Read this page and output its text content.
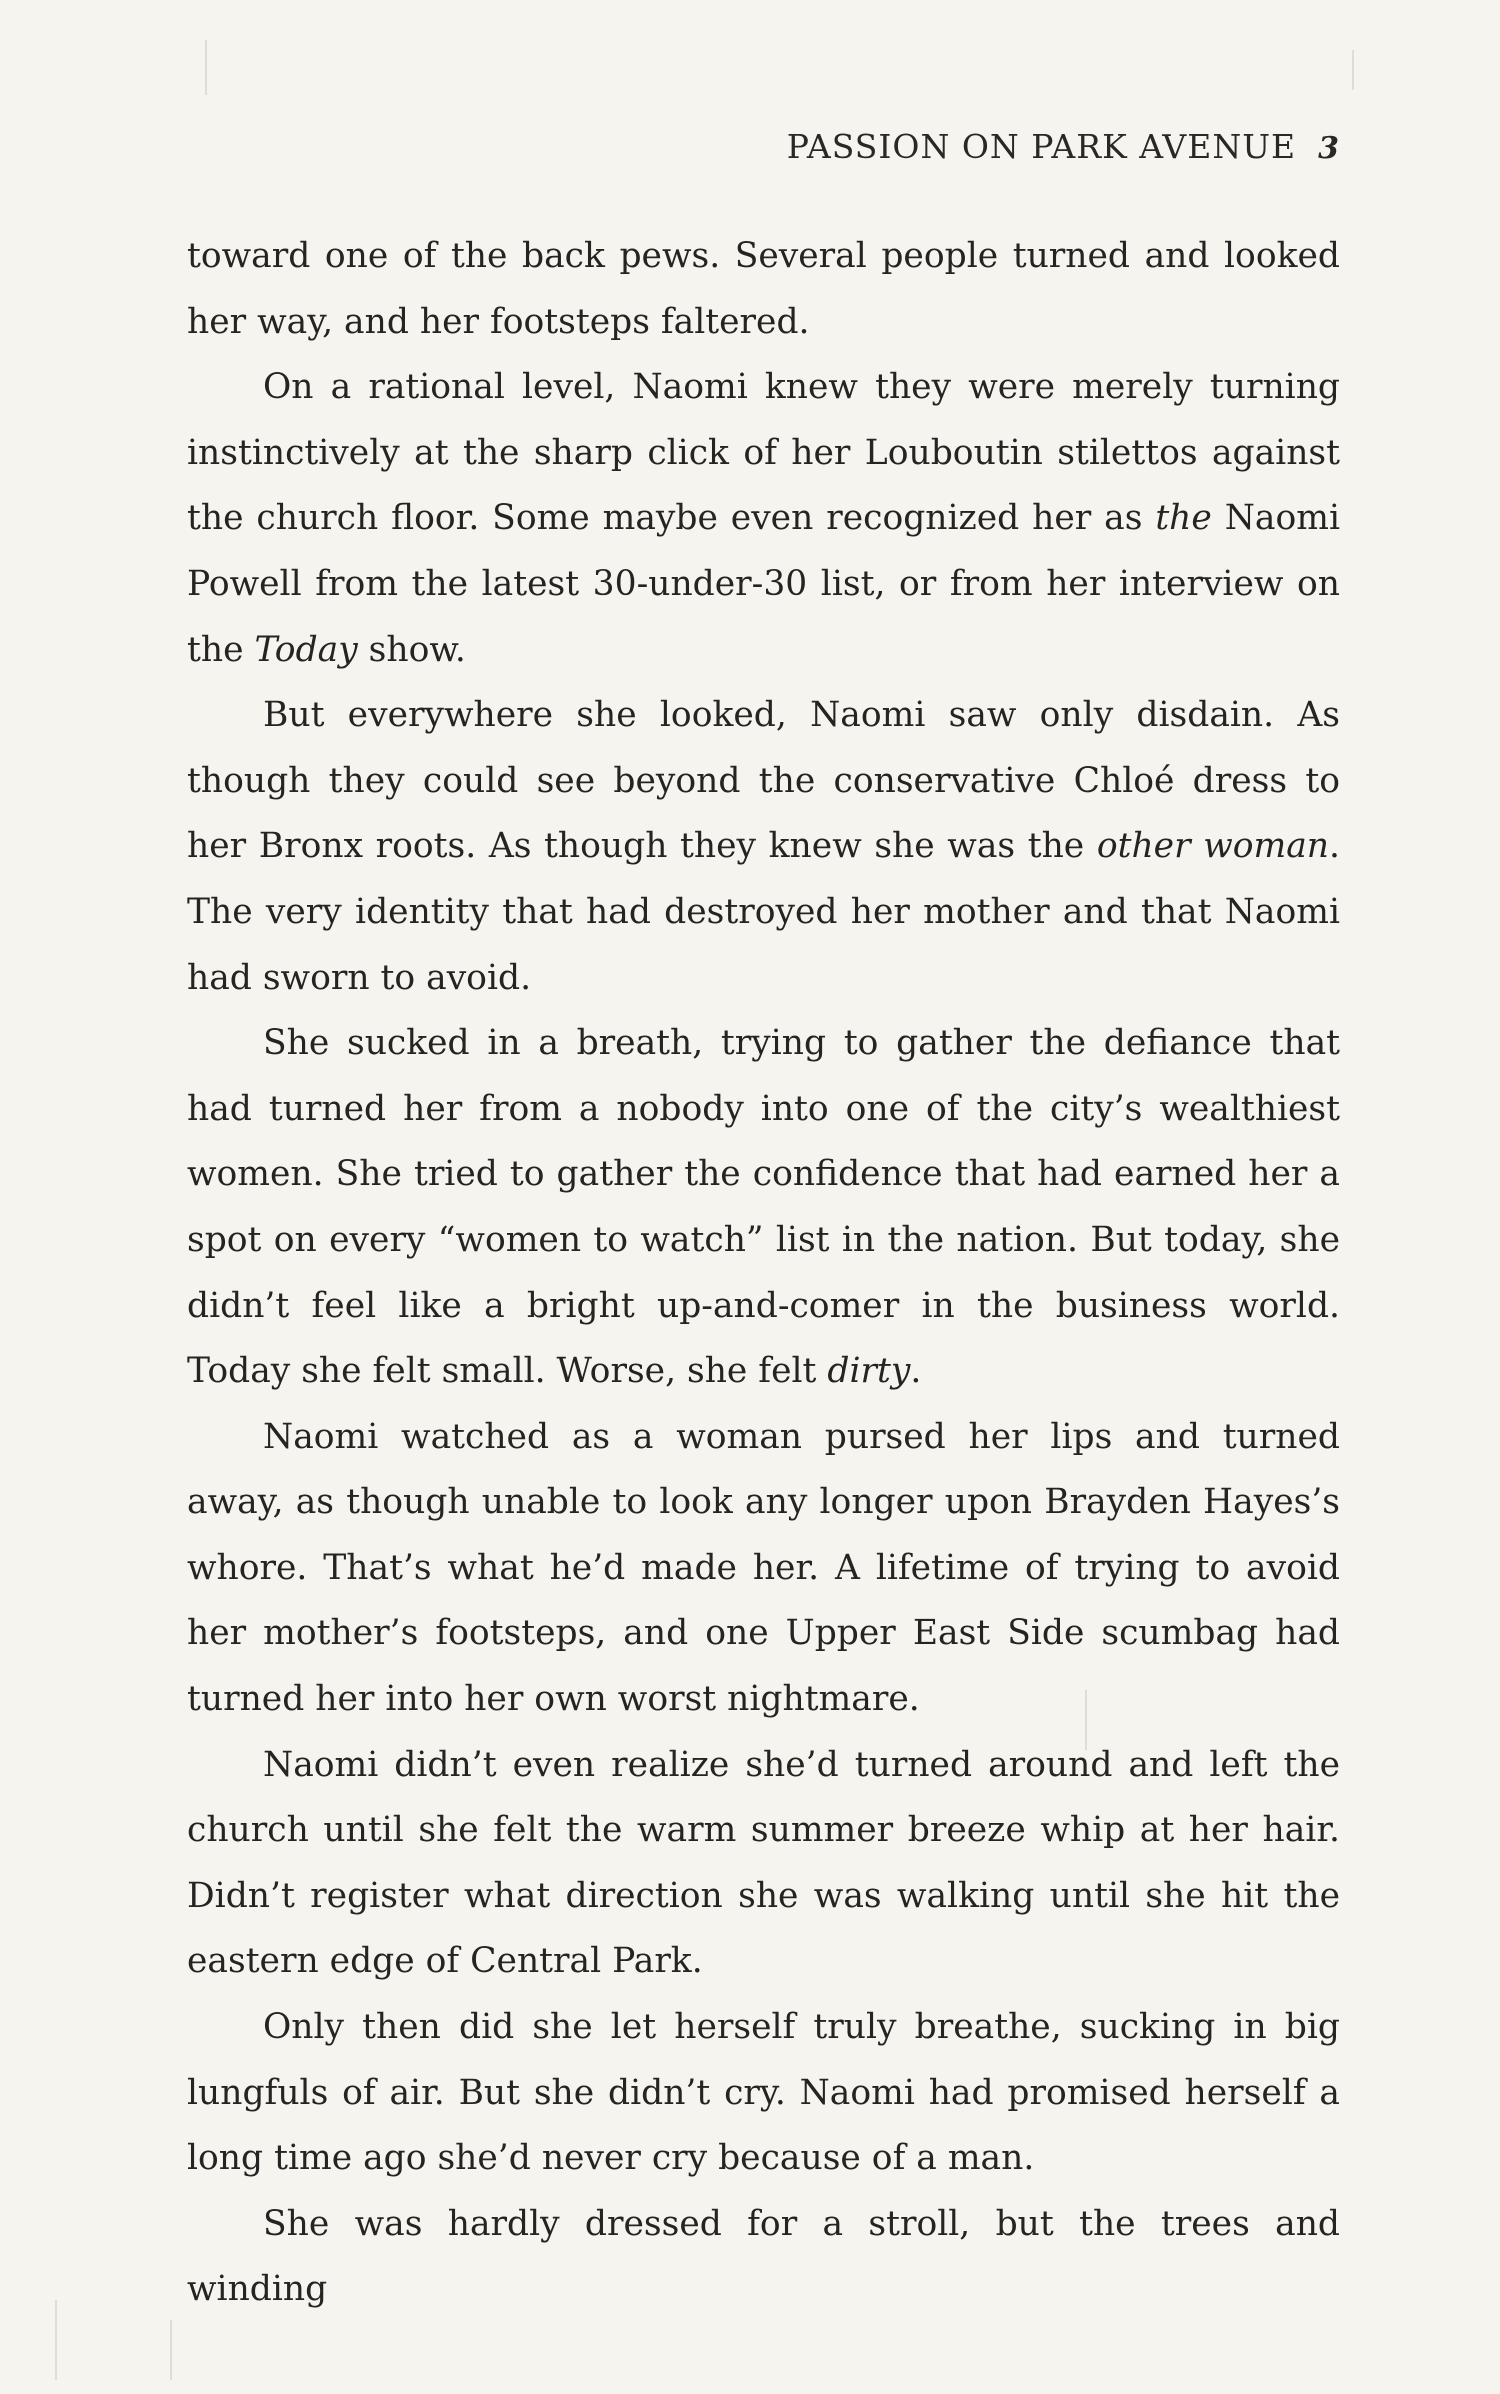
PASSION ON PARK AVENUE 3

toward one of the back pews. Several people turned and looked her way, and her footsteps faltered.

On a rational level, Naomi knew they were merely turning instinctively at the sharp click of her Louboutin stilettos against the church floor. Some maybe even recognized her as the Naomi Powell from the latest 30-under-30 list, or from her interview on the Today show.

But everywhere she looked, Naomi saw only disdain. As though they could see beyond the conservative Chloé dress to her Bronx roots. As though they knew she was the other woman. The very identity that had destroyed her mother and that Naomi had sworn to avoid.

She sucked in a breath, trying to gather the defiance that had turned her from a nobody into one of the city’s wealthiest women. She tried to gather the confidence that had earned her a spot on every “women to watch” list in the nation. But today, she didn’t feel like a bright up-and-comer in the business world. Today she felt small. Worse, she felt dirty.

Naomi watched as a woman pursed her lips and turned away, as though unable to look any longer upon Brayden Hayes’s whore. That’s what he’d made her. A lifetime of trying to avoid her mother’s footsteps, and one Upper East Side scumbag had turned her into her own worst nightmare.

Naomi didn’t even realize she’d turned around and left the church until she felt the warm summer breeze whip at her hair. Didn’t register what direction she was walking until she hit the eastern edge of Central Park.

Only then did she let herself truly breathe, sucking in big lungfuls of air. But she didn’t cry. Naomi had promised herself a long time ago she’d never cry because of a man.

She was hardly dressed for a stroll, but the trees and winding
